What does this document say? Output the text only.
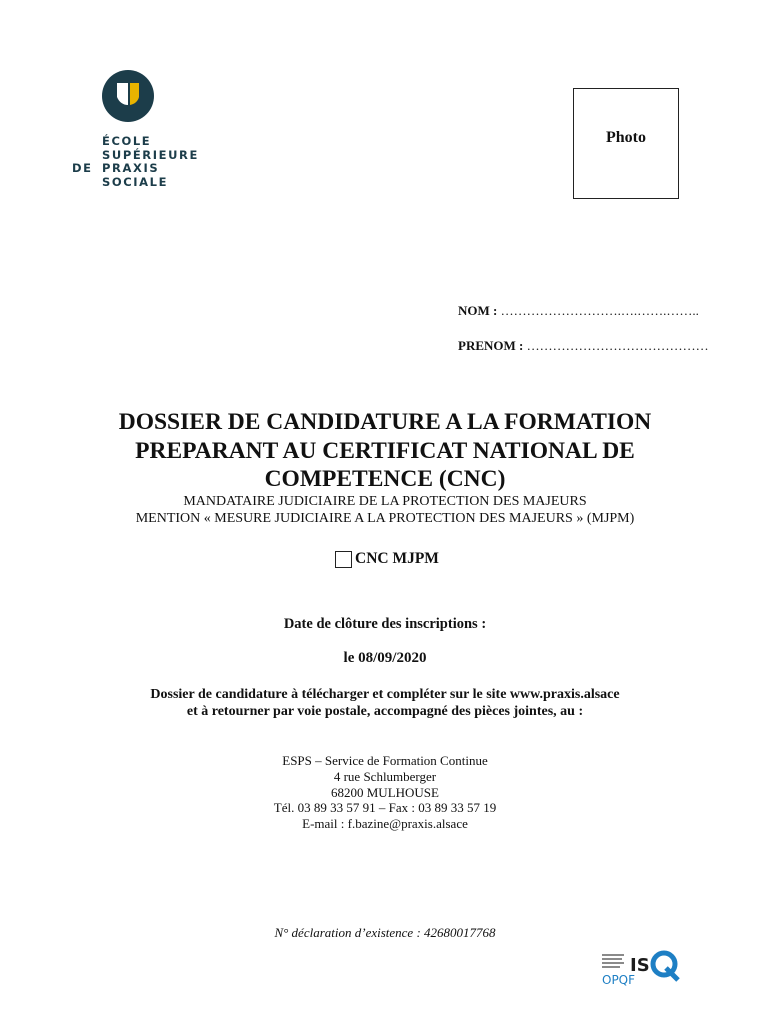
ÉCOLE
SUPÉRIEURE
DE PRAXIS
SOCIALE
Photo
NOM : ……………………….….…….……..
PRENOM : ……………………………………
DOSSIER DE CANDIDATURE A LA FORMATION
PREPARANT AU CERTIFICAT NATIONAL DE
COMPETENCE (CNC)
MANDATAIRE JUDICIAIRE DE LA PROTECTION DES MAJEURS
MENTION « MESURE JUDICIAIRE A LA PROTECTION DES MAJEURS » (MJPM)
CNC MJPM
Date de clôture des inscriptions :
le 08/09/2020
Dossier de candidature à télécharger et compléter sur le site www.praxis.alsace
et à retourner par voie postale, accompagné des pièces jointes, au :
ESPS – Service de Formation Continue
4 rue Schlumberger
68200 MULHOUSE
Tél. 03 89 33 57 91 – Fax : 03 89 33 57 19
E-mail : f.bazine@praxis.alsace
N° déclaration d’existence : 42680017768
IS
OPQF
